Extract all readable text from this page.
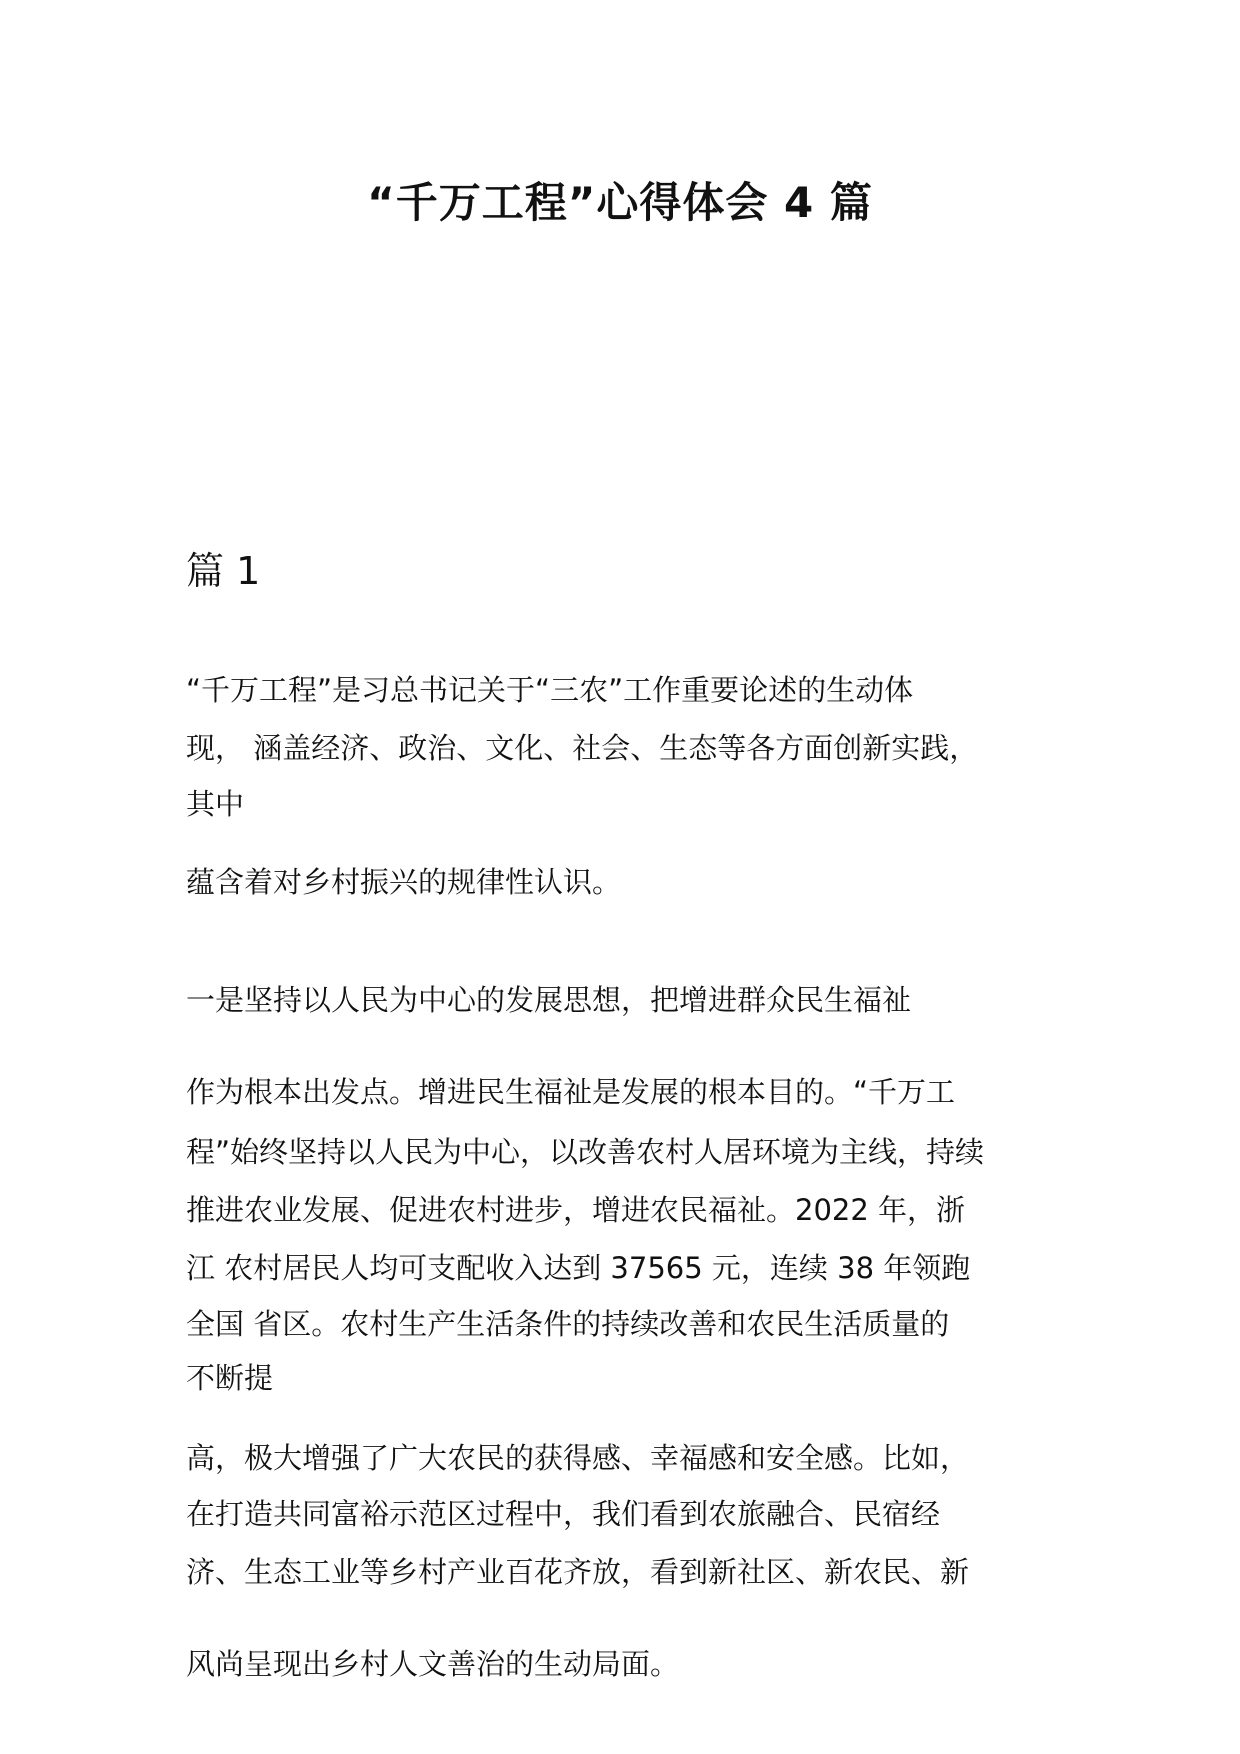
“千万工程”心得体会 4 篇
篇 1
“千万工程”是习总书记关于“三农”工作重要论述的生动体
现， 涵盖经济、政治、文化、社会、生态等各方面创新实践，
其中
蕴含着对乡村振兴的规律性认识。
一是坚持以人民为中心的发展思想，把增进群众民生福祉
作为根本出发点。增进民生福祉是发展的根本目的。“千万工
程”始终坚持以人民为中心，以改善农村人居环境为主线，持续
推进农业发展、促进农村进步，增进农民福祉。2022 年，浙
江 农村居民人均可支配收入达到 37565 元，连续 38 年领跑
全国 省区。农村生产生活条件的持续改善和农民生活质量的
不断提
高，极大增强了广大农民的获得感、幸福感和安全感。比如，
在打造共同富裕示范区过程中，我们看到农旅融合、民宿经
济、生态工业等乡村产业百花齐放，看到新社区、新农民、新
风尚呈现出乡村人文善治的生动局面。
